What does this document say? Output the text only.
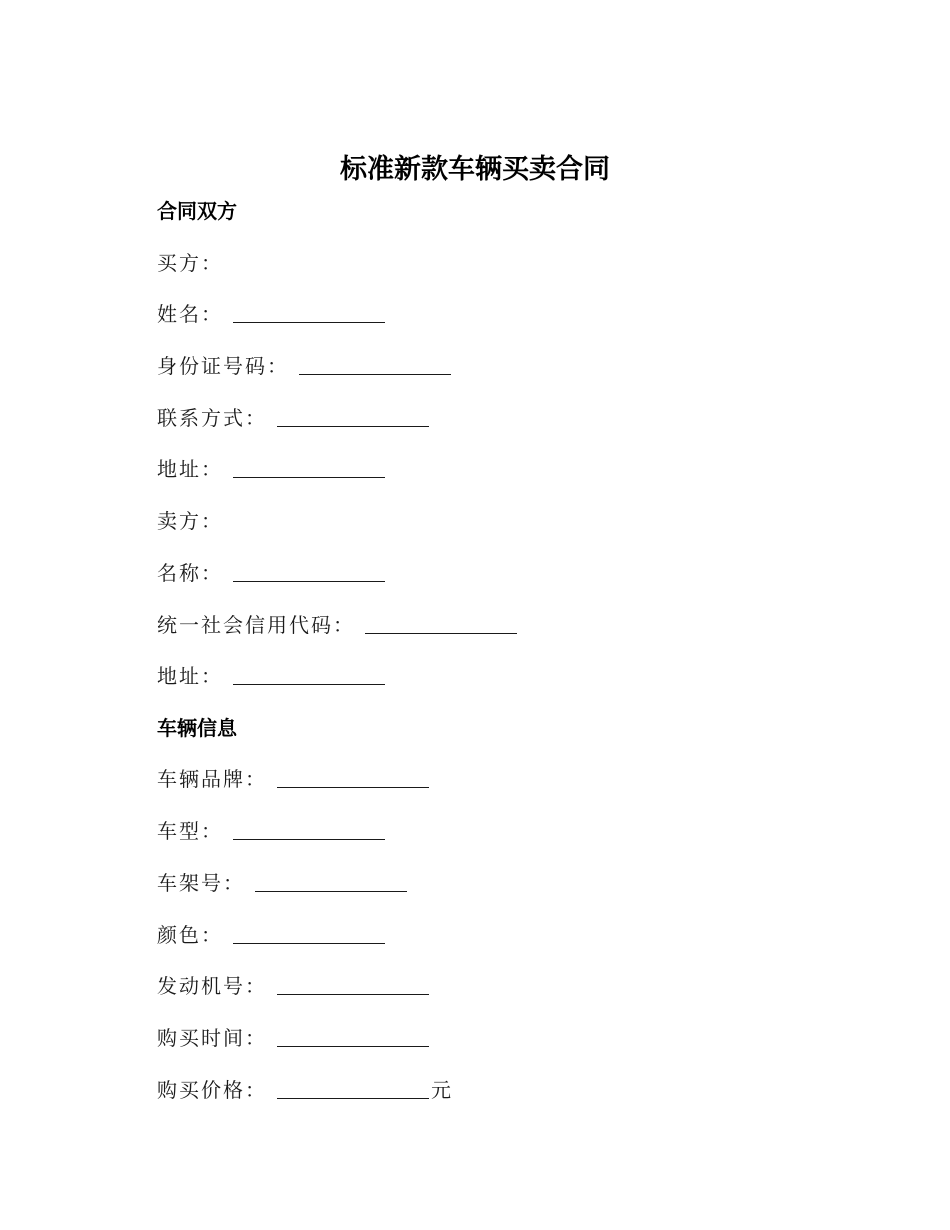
标准新款车辆买卖合同
合同双方
买方：
姓名：
身份证号码：
联系方式：
地址：
卖方：
名称：
统一社会信用代码：
地址：
车辆信息
车辆品牌：
车型：
车架号：
颜色：
发动机号：
购买时间：
购买价格：	元
